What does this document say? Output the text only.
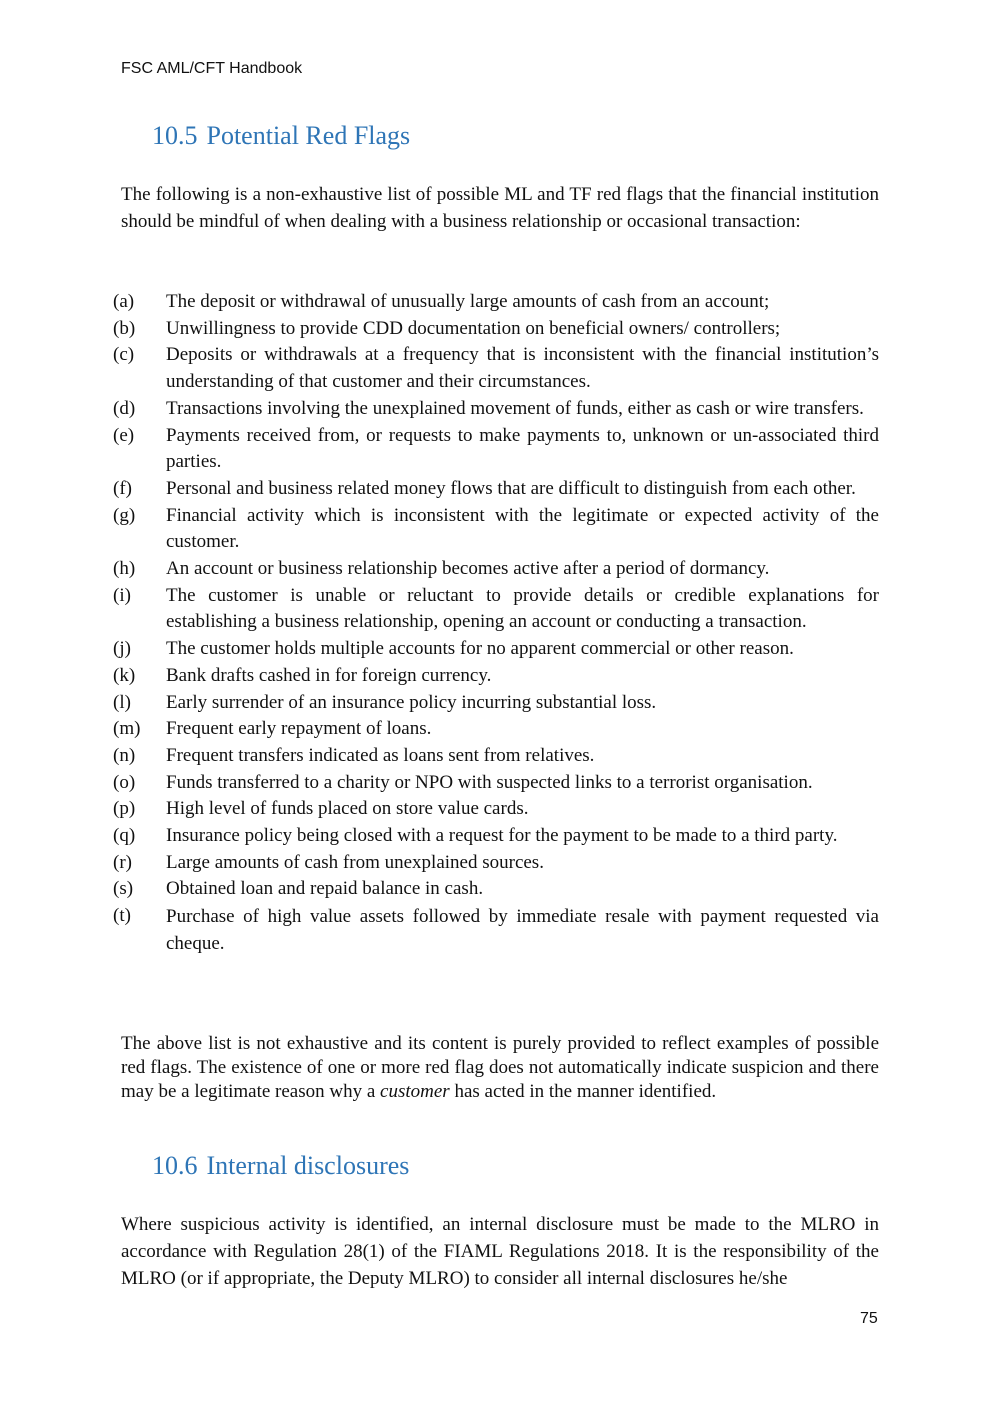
FSC AML/CFT Handbook
10.5 Potential Red Flags

The following is a non-exhaustive list of possible ML and TF red flags that the financial institution should be mindful of when dealing with a business relationship or occasional transaction:

(a)	The deposit or withdrawal of unusually large amounts of cash from an account;
(b)	Unwillingness to provide CDD documentation on beneficial owners/ controllers;
(c)	Deposits or withdrawals at a frequency that is inconsistent with the financial institution’s understanding of that customer and their circumstances.
(d)	Transactions involving the unexplained movement of funds, either as cash or wire transfers.
(e)	Payments received from, or requests to make payments to, unknown or un-associated third parties.
(f)	Personal and business related money flows that are difficult to distinguish from each other.
(g)	Financial activity which is inconsistent with the legitimate or expected activity of the customer.
(h)	An account or business relationship becomes active after a period of dormancy.
(i)	The customer is unable or reluctant to provide details or credible explanations for establishing a business relationship, opening an account or conducting a transaction.
(j)	The customer holds multiple accounts for no apparent commercial or other reason.
(k)	Bank drafts cashed in for foreign currency.
(l)	Early surrender of an insurance policy incurring substantial loss.
(m)	Frequent early repayment of loans.
(n)	Frequent transfers indicated as loans sent from relatives.
(o)	Funds transferred to a charity or NPO with suspected links to a terrorist organisation.
(p)	High level of funds placed on store value cards.
(q)	Insurance policy being closed with a request for the payment to be made to a third party.
(r)	Large amounts of cash from unexplained sources.
(s)	Obtained loan and repaid balance in cash.
(t)	Purchase of high value assets followed by immediate resale with payment requested via cheque.

The above list is not exhaustive and its content is purely provided to reflect examples of possible red flags. The existence of one or more red flag does not automatically indicate suspicion and there may be a legitimate reason why a customer has acted in the manner identified.

10.6 Internal disclosures

Where suspicious activity is identified, an internal disclosure must be made to the MLRO in accordance with Regulation 28(1) of the FIAML Regulations 2018. It is the responsibility of the MLRO (or if appropriate, the Deputy MLRO) to consider all internal disclosures he/she

75
